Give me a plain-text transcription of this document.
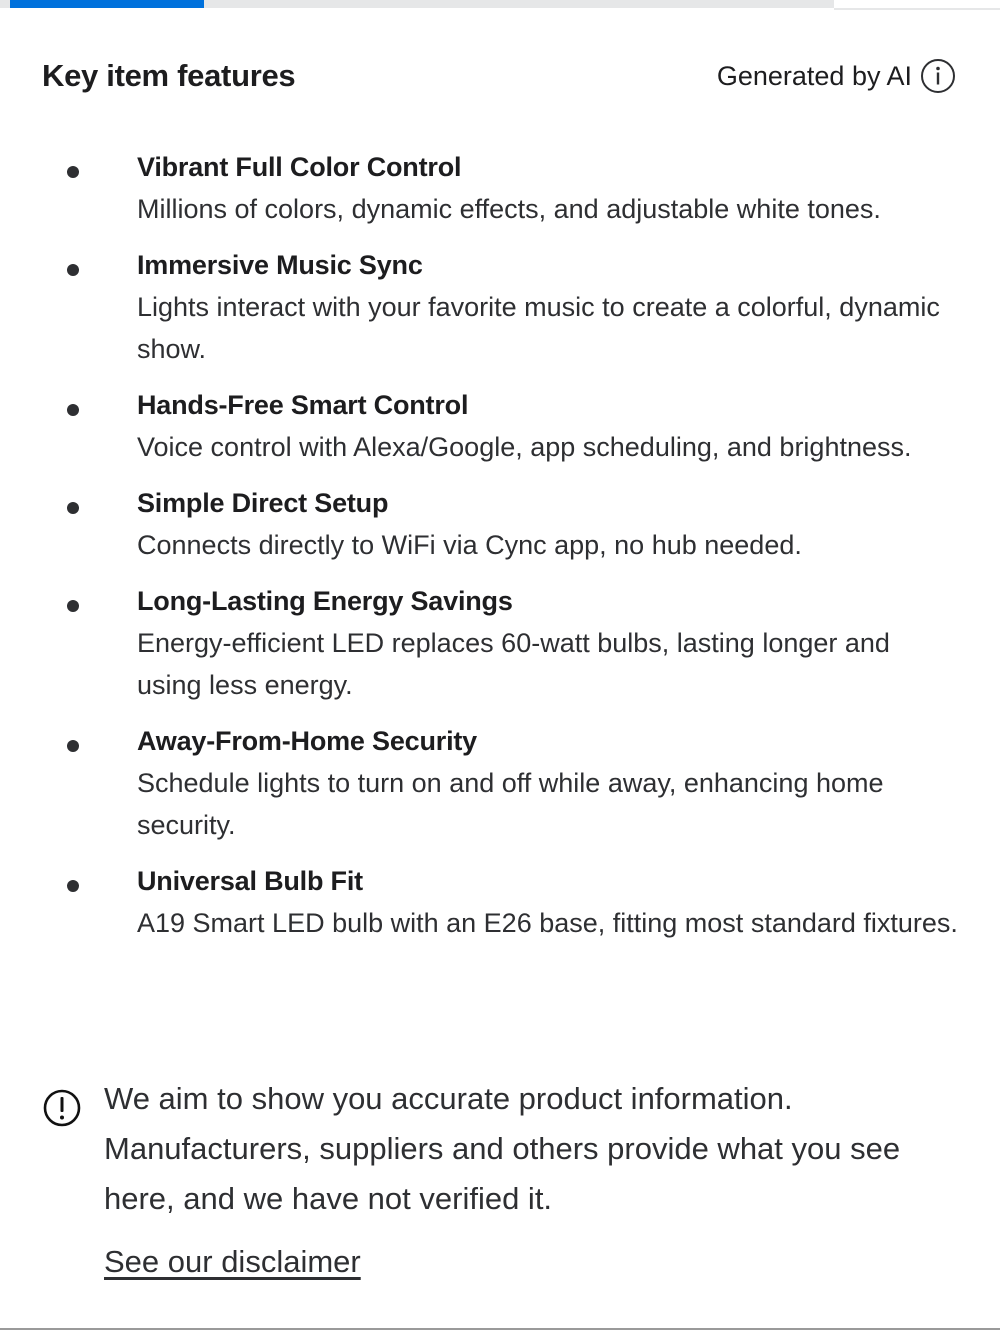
Key item features	Generated by AI
Vibrant Full Color Control
Millions of colors, dynamic effects, and adjustable white tones.
Immersive Music Sync
Lights interact with your favorite music to create a colorful, dynamic show.
Hands-Free Smart Control
Voice control with Alexa/Google, app scheduling, and brightness.
Simple Direct Setup
Connects directly to WiFi via Cync app, no hub needed.
Long-Lasting Energy Savings
Energy-efficient LED replaces 60-watt bulbs, lasting longer and using less energy.
Away-From-Home Security
Schedule lights to turn on and off while away, enhancing home security.
Universal Bulb Fit
A19 Smart LED bulb with an E26 base, fitting most standard fixtures.
We aim to show you accurate product information. Manufacturers, suppliers and others provide what you see here, and we have not verified it.
See our disclaimer
